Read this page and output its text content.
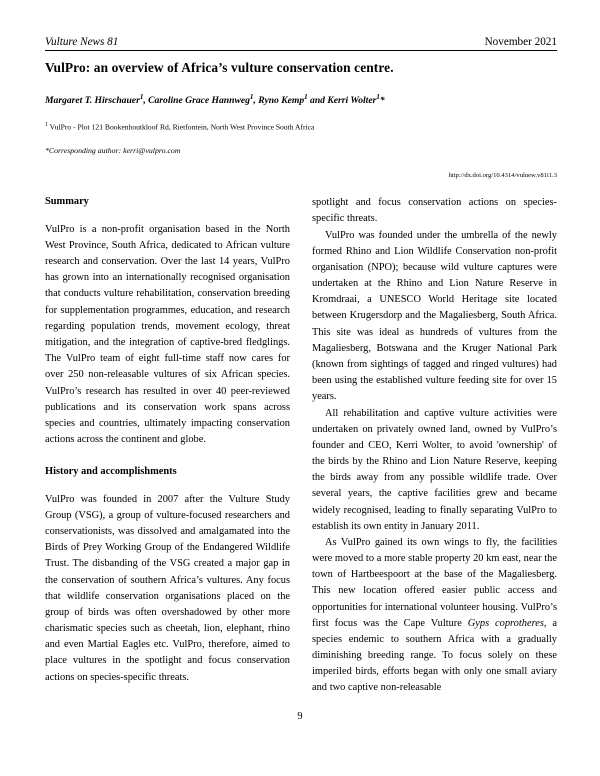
Vulture News 81	November 2021
VulPro: an overview of Africa’s vulture conservation centre.
Margaret T. Hirschauer$^1$, Caroline Grace Hannweg$^1$, Ryno Kemp$^1$ and Kerri Wolter$^1$*
$^1$ VulPro - Plot 121 Bookenhoutkloof Rd, Rietfontein, North West Province South Africa
*Corresponding author: kerri@vulpro.com
http://dx.doi.org/10.4314/vulnew.v81i1.3
Summary

VulPro is a non-profit organisation based in the North West Province, South Africa, dedicated to African vulture research and conservation. Over the last 14 years, VulPro has grown into an internationally recognised organisation that conducts vulture rehabilitation, conservation breeding for supplementation programmes, education, and research regarding population trends, movement ecology, threat mitigation, and the integration of captive-bred fledglings. The VulPro team of eight full-time staff now cares for over 250 non-releasable vultures of six African species. VulPro’s research has resulted in over 40 peer-reviewed publications and its conservation work spans across species and countries, ultimately impacting conservation actions across the continent and globe.

History and accomplishments

VulPro was founded in 2007 after the Vulture Study Group (VSG), a group of vulture-focused researchers and conservationists, was dissolved and amalgamated into the Birds of Prey Working Group of the Endangered Wildlife Trust. The disbanding of the VSG created a major gap in the conservation of southern Africa’s vultures. Any focus that wildlife conservation organisations placed on the group of birds was often overshadowed by other more charismatic species such as cheetah, lion, elephant, rhino and even Martial Eagles etc. VulPro, therefore, aimed to place vultures in the spotlight and focus conservation actions on species-specific threats.

spotlight and focus conservation actions on species-specific threats.

VulPro was founded under the umbrella of the newly formed Rhino and Lion Wildlife Conservation non-profit organisation (NPO); because wild vulture captures were undertaken at the Rhino and Lion Nature Reserve in Kromdraai, a UNESCO World Heritage site located between Krugersdorp and the Magaliesberg, South Africa. This site was ideal as hundreds of vultures from the Magaliesberg, Botswana and the Kruger National Park (known from sightings of tagged and ringed vultures) had been using the established vulture feeding site for over 15 years.

All rehabilitation and captive vulture activities were undertaken on privately owned land, owned by VulPro’s founder and CEO, Kerri Wolter, to avoid 'ownership' of the birds by the Rhino and Lion Nature Reserve, keeping the birds away from any possible wildlife trade. Over several years, the captive facilities grew and became widely recognised, leading to finally separating VulPro to establish its own entity in January 2011.

As VulPro gained its own wings to fly, the facilities were moved to a more stable property 20 km east, near the town of Hartbeespoort at the base of the Magaliesberg. This new location offered easier public access and opportunities for international volunteer housing. VulPro’s first focus was the Cape Vulture Gyps coprotheres, a species endemic to southern Africa with a gradually diminishing breeding range. To focus solely on these imperiled birds, efforts began with only one small aviary and two captive non-releasable

9
